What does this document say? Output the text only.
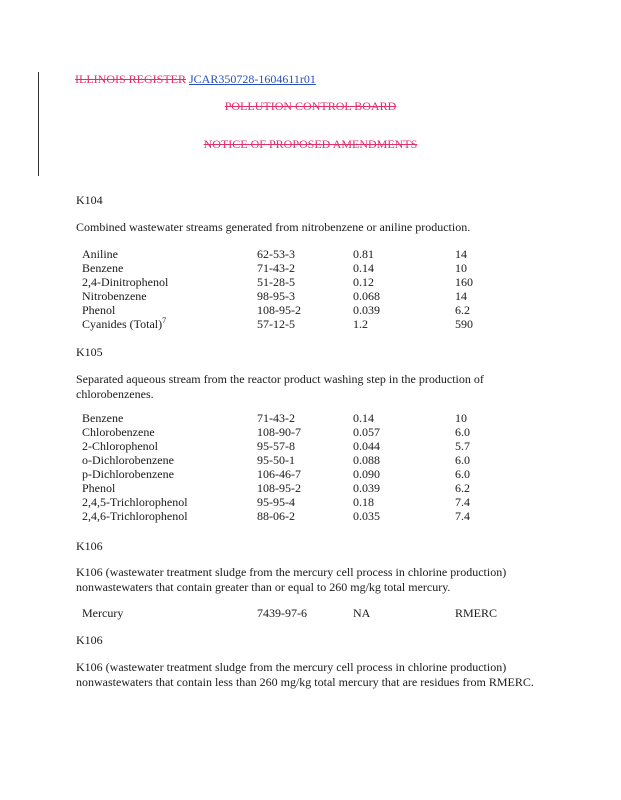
ILLINOIS REGISTER JCAR350728-1604611r01
POLLUTION CONTROL BOARD
NOTICE OF PROPOSED AMENDMENTS
K104
Combined wastewater streams generated from nitrobenzene or aniline production.
Aniline	62-53-3	0.81	14
Benzene	71-43-2	0.14	10
2,4-Dinitrophenol	51-28-5	0.12	160
Nitrobenzene	98-95-3	0.068	14
Phenol	108-95-2	0.039	6.2
Cyanides (Total)$^7$	57-12-5	1.2	590
K105
Separated aqueous stream from the reactor product washing step in the production of chlorobenzenes.
Benzene	71-43-2	0.14	10
Chlorobenzene	108-90-7	0.057	6.0
2-Chlorophenol	95-57-8	0.044	5.7
o-Dichlorobenzene	95-50-1	0.088	6.0
p-Dichlorobenzene	106-46-7	0.090	6.0
Phenol	108-95-2	0.039	6.2
2,4,5-Trichlorophenol	95-95-4	0.18	7.4
2,4,6-Trichlorophenol	88-06-2	0.035	7.4
K106
K106 (wastewater treatment sludge from the mercury cell process in chlorine production) nonwastewaters that contain greater than or equal to 260 mg/kg total mercury.
Mercury	7439-97-6	NA	RMERC
K106
K106 (wastewater treatment sludge from the mercury cell process in chlorine production) nonwastewaters that contain less than 260 mg/kg total mercury that are residues from RMERC.
